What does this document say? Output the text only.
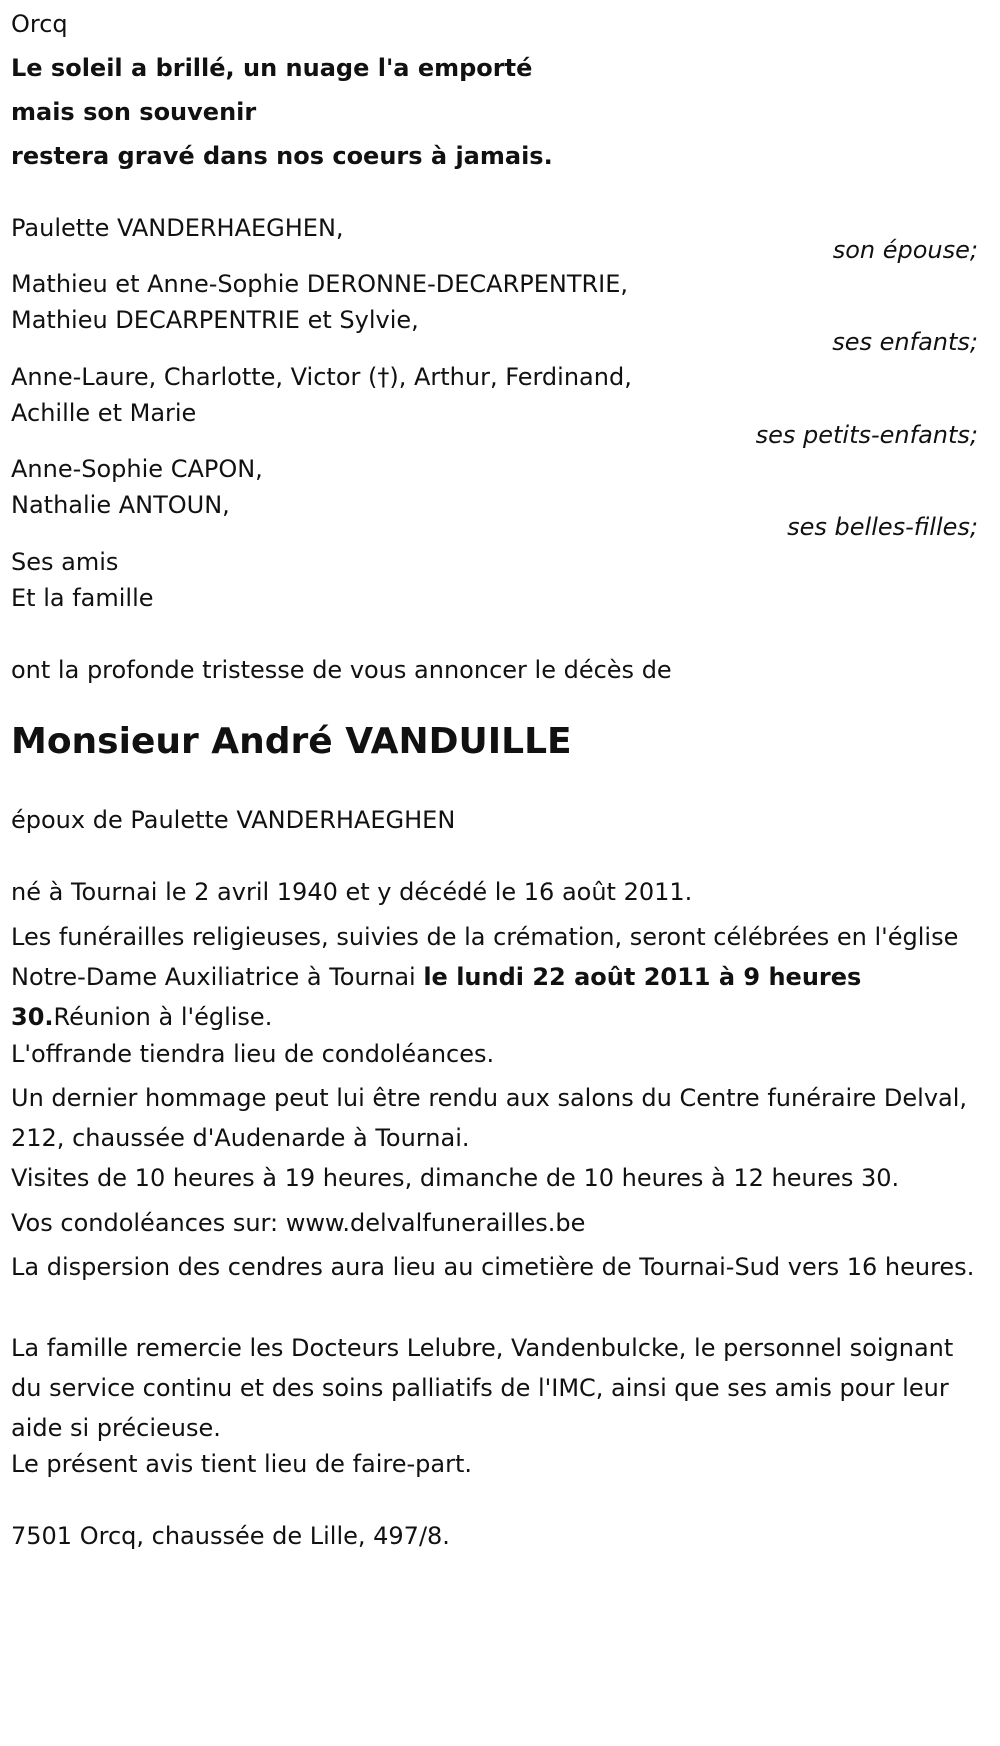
Orcq
Le soleil a brillé, un nuage l'a emporté
mais son souvenir
restera gravé dans nos coeurs à jamais.
Paulette VANDERHAEGHEN,
son épouse;
Mathieu et Anne-Sophie DERONNE-DECARPENTRIE,
Mathieu DECARPENTRIE et Sylvie,
ses enfants;
Anne-Laure, Charlotte, Victor (†), Arthur, Ferdinand,
Achille et Marie
ses petits-enfants;
Anne-Sophie CAPON,
Nathalie ANTOUN,
ses belles-filles;
Ses amis
Et la famille
ont la profonde tristesse de vous annoncer le décès de
Monsieur André VANDUILLE
époux de Paulette VANDERHAEGHEN
né à Tournai le 2 avril 1940 et y décédé le 16 août 2011.
Les funérailles religieuses, suivies de la crémation, seront célébrées en l'église Notre-Dame Auxiliatrice à Tournai le lundi 22 août 2011 à 9 heures 30.Réunion à l'église.
L'offrande tiendra lieu de condoléances.
Un dernier hommage peut lui être rendu aux salons du Centre funéraire Delval, 212, chaussée d'Audenarde à Tournai.
Visites de 10 heures à 19 heures, dimanche de 10 heures à 12 heures 30.
Vos condoléances sur: www.delvalfunerailles.be
La dispersion des cendres aura lieu au cimetière de Tournai-Sud vers 16 heures.
La famille remercie les Docteurs Lelubre, Vandenbulcke, le personnel soignant du service continu et des soins palliatifs de l'IMC, ainsi que ses amis pour leur aide si précieuse.
Le présent avis tient lieu de faire-part.
7501 Orcq, chaussée de Lille, 497/8.
